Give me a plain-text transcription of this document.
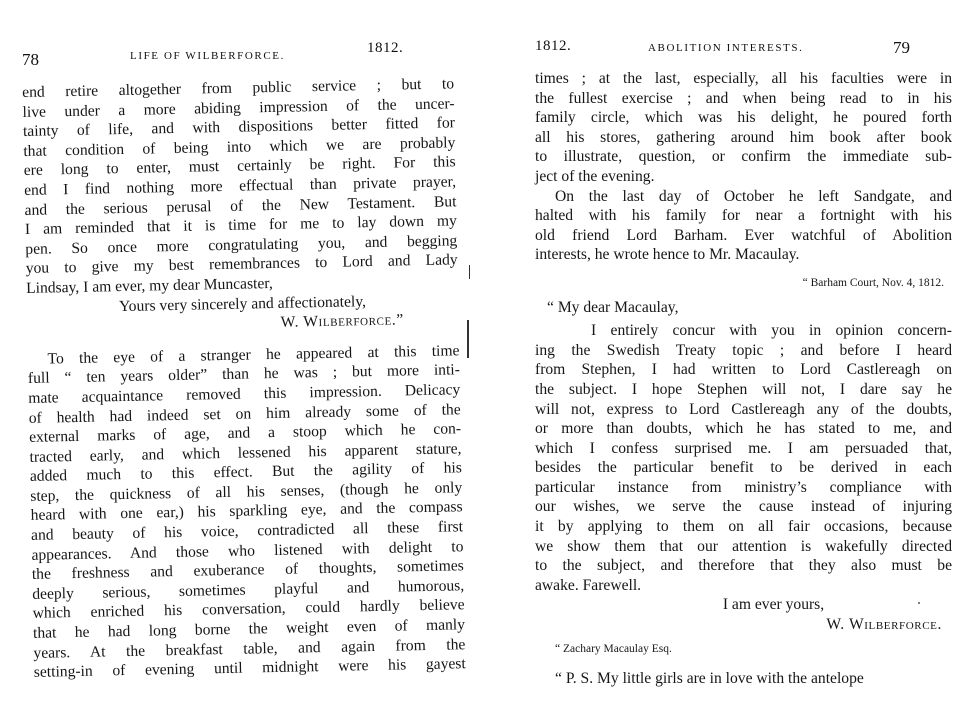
78	LIFE OF WILBERFORCE.	1812.
end retire altogether from public service ; but to
live under a more abiding impression of the uncer-
tainty of life, and with dispositions better fitted for
that condition of being into which we are probably
ere long to enter, must certainly be right. For this
end I find nothing more effectual than private prayer,
and the serious perusal of the New Testament. But
I am reminded that it is time for me to lay down my
pen. So once more congratulating you, and begging
you to give my best remembrances to Lord and Lady
Lindsay, I am ever, my dear Muncaster,
Yours very sincerely and affectionately,
W. Wilberforce.”
To the eye of a stranger he appeared at this time
full “ ten years older” than he was ; but more inti-
mate acquaintance removed this impression. Delicacy
of health had indeed set on him already some of the
external marks of age, and a stoop which he con-
tracted early, and which lessened his apparent stature,
added much to this effect. But the agility of his
step, the quickness of all his senses, (though he only
heard with one ear,) his sparkling eye, and the compass
and beauty of his voice, contradicted all these first
appearances. And those who listened with delight to
the freshness and exuberance of thoughts, sometimes
deeply serious, sometimes playful and humorous,
which enriched his conversation, could hardly believe
that he had long borne the weight even of manly
years. At the breakfast table, and again from the
setting-in of evening until midnight were his gayest
1812.	ABOLITION INTERESTS.	79
times ; at the last, especially, all his faculties were in
the fullest exercise ; and when being read to in his
family circle, which was his delight, he poured forth
all his stores, gathering around him book after book
to illustrate, question, or confirm the immediate sub-
ject of the evening.
On the last day of October he left Sandgate, and
halted with his family for near a fortnight with his
old friend Lord Barham. Ever watchful of Abolition
interests, he wrote hence to Mr. Macaulay.
“ Barham Court, Nov. 4, 1812.
“ My dear Macaulay,
I entirely concur with you in opinion concern-
ing the Swedish Treaty topic ; and before I heard
from Stephen, I had written to Lord Castlereagh on
the subject. I hope Stephen will not, I dare say he
will not, express to Lord Castlereagh any of the doubts,
or more than doubts, which he has stated to me, and
which I confess surprised me. I am persuaded that,
besides the particular benefit to be derived in each
particular instance from ministry’s compliance with
our wishes, we serve the cause instead of injuring
it by applying to them on all fair occasions, because
we show them that our attention is wakefully directed
to the subject, and therefore that they also must be
awake. Farewell.
I am ever yours,
W. Wilberforce.
“ Zachary Macaulay Esq.
“ P. S. My little girls are in love with the antelope
